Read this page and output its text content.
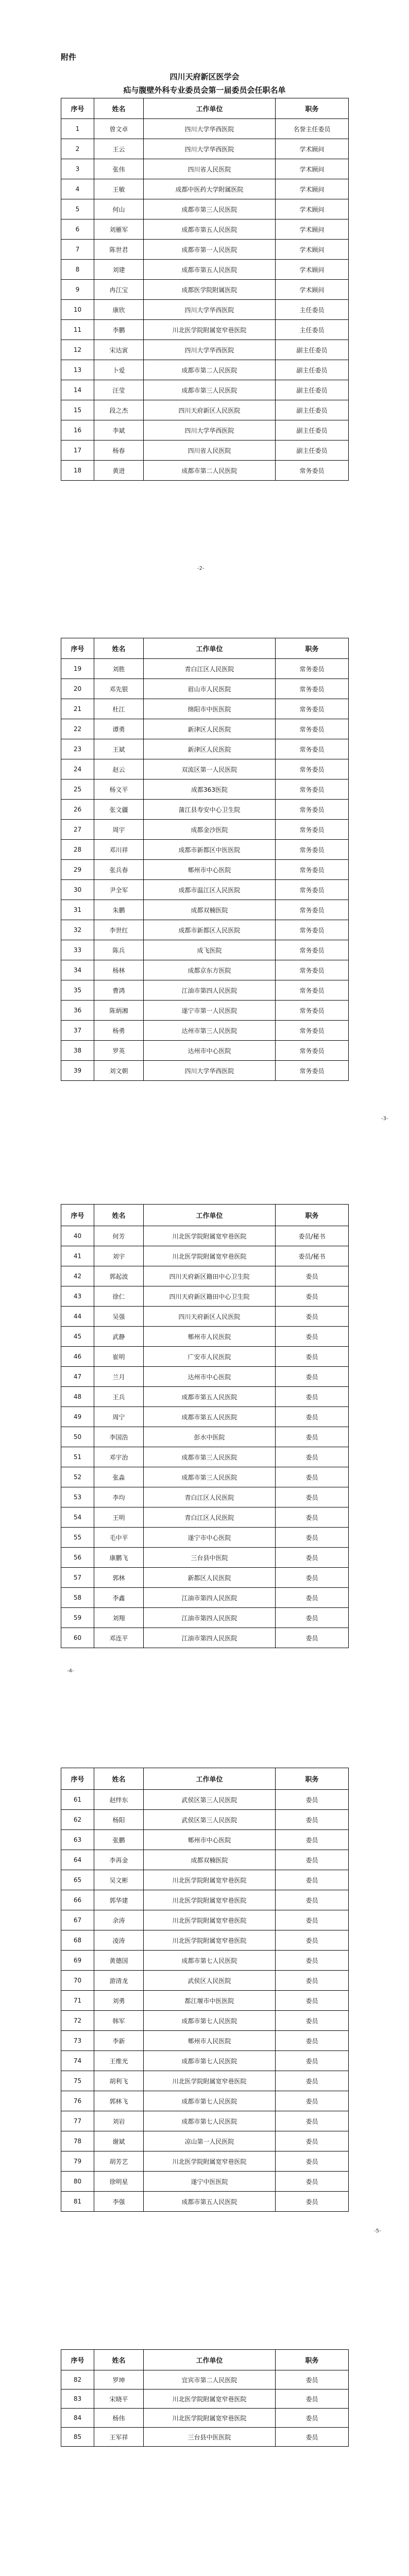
附件
四川天府新区医学会
疝与腹壁外科专业委员会第一届委员会任职名单
序号	姓名	工作单位	职务
1	曾文卓	四川大学华西医院	名誉主任委员
2	王云	四川大学华西医院	学术顾问
3	张伟	四川省人民医院	学术顾问
4	王敏	成都中医药大学附属医院	学术顾问
5	何山	成都市第三人民医院	学术顾问
6	刘雁军	成都市第五人民医院	学术顾问
7	陈世君	成都市第一人民医院	学术顾问
8	刘建	成都市第五人民医院	学术顾问
9	冉江宝	成都医学院附属医院	学术顾问
10	康欣	四川大学华西医院	主任委员
11	李鹏	川北医学院附属宽窄巷医院	主任委员
12	宋达寅	四川大学华西医院	副主任委员
13	卜爱	成都市第二人民医院	副主任委员
14	汪莹	成都市第三人民医院	副主任委员
15	段之杰	四川天府新区人民医院	副主任委员
16	李斌	四川大学华西医院	副主任委员
17	杨春	四川省人民医院	副主任委员
18	黄进	成都市第二人民医院	常务委员
-2-
序号	姓名	工作单位	职务
19	刘胜	青白江区人民医院	常务委员
20	邓先银	眉山市人民医院	常务委员
21	杜江	绵阳市中医医院	常务委员
22	谭勇	新津区人民医院	常务委员
23	王斌	新津区人民医院	常务委员
24	赵云	双流区第一人民医院	常务委员
25	杨文平	成都363医院	常务委员
26	张文疆	蒲江县寿安中心卫生院	常务委员
27	周宇	成都金沙医院	常务委员
28	邓川祥	成都市新都区中医医院	常务委员
29	张兵春	郫州市中心医院	常务委员
30	尹全军	成都市温江区人民医院	常务委员
31	朱鹏	成都双楠医院	常务委员
32	李世红	成都市新都区人民医院	常务委员
33	陈兵	成飞医院	常务委员
34	杨林	成都京东方医院	常务委员
35	曹鸿	江油市第四人民医院	常务委员
36	陈炳湘	遂宁市第一人民医院	常务委员
37	杨勇	达州市第三人民医院	常务委员
38	罗英	达州市中心医院	常务委员
39	刘文朝	四川大学华西医院	常务委员
-3-
序号	姓名	工作单位	职务
40	何芳	川北医学院附属宽窄巷医院	委员/秘书
41	刘宇	川北医学院附属宽窄巷医院	委员/秘书
42	郭起波	四川天府新区籍田中心卫生院	委员
43	徐仁	四川天府新区籍田中心卫生院	委员
44	吴强	四川天府新区人民医院	委员
45	武静	郫州市人民医院	委员
46	崔明	广安市人民医院	委员
47	兰月	达州市中心医院	委员
48	王兵	成都市第五人民医院	委员
49	周宁	成都市第五人民医院	委员
50	李国浩	彭水中医院	委员
51	邓宇治	成都市第三人民医院	委员
52	张淼	成都市第三人民医院	委员
53	李均	青白江区人民医院	委员
54	王明	青白江区人民医院	委员
55	毛中平	遂宁市中心医院	委员
56	康鹏飞	三台县中医院	委员
57	郭林	新都区人民医院	委员
58	李鑫	江油市第四人民医院	委员
59	刘翔	江油市第四人民医院	委员
60	邓连平	江油市第四人民医院	委员
-4-
序号	姓名	工作单位	职务
61	赵绊东	武侯区第三人民医院	委员
62	杨阳	武侯区第三人民医院	委员
63	张鹏	郫州市中心医院	委员
64	李再金	成都双楠医院	委员
65	吴文彬	川北医学院附属宽窄巷医院	委员
66	郭华建	川北医学院附属宽窄巷医院	委员
67	余涛	川北医学院附属宽窄巷医院	委员
68	凌涛	川北医学院附属宽窄巷医院	委员
69	黄德国	成都市第七人民医院	委员
70	游清龙	武侯区人民医院	委员
71	刘勇	都江堰市中医医院	委员
72	韩军	成都市第七人民医院	委员
73	李新	郫州市人民医院	委员
74	王维光	成都市第七人民医院	委员
75	胡利飞	川北医学院附属宽窄巷医院	委员
76	郭林飞	成都市第七人民医院	委员
77	刘岩	成都市第七人民医院	委员
78	谢斌	凉山第一人民医院	委员
79	胡芳艺	川北医学院附属宽窄巷医院	委员
80	徐明星	遂宁中医医院	委员
81	李强	成都市第五人民医院	委员
-5-
序号	姓名	工作单位	职务
82	罗坤	宜宾市第二人民医院	委员
83	宋晓平	川北医学院附属宽窄巷医院	委员
84	杨伟	川北医学院附属宽窄巷医院	委员
85	王军祥	三台县中医医院	委员
